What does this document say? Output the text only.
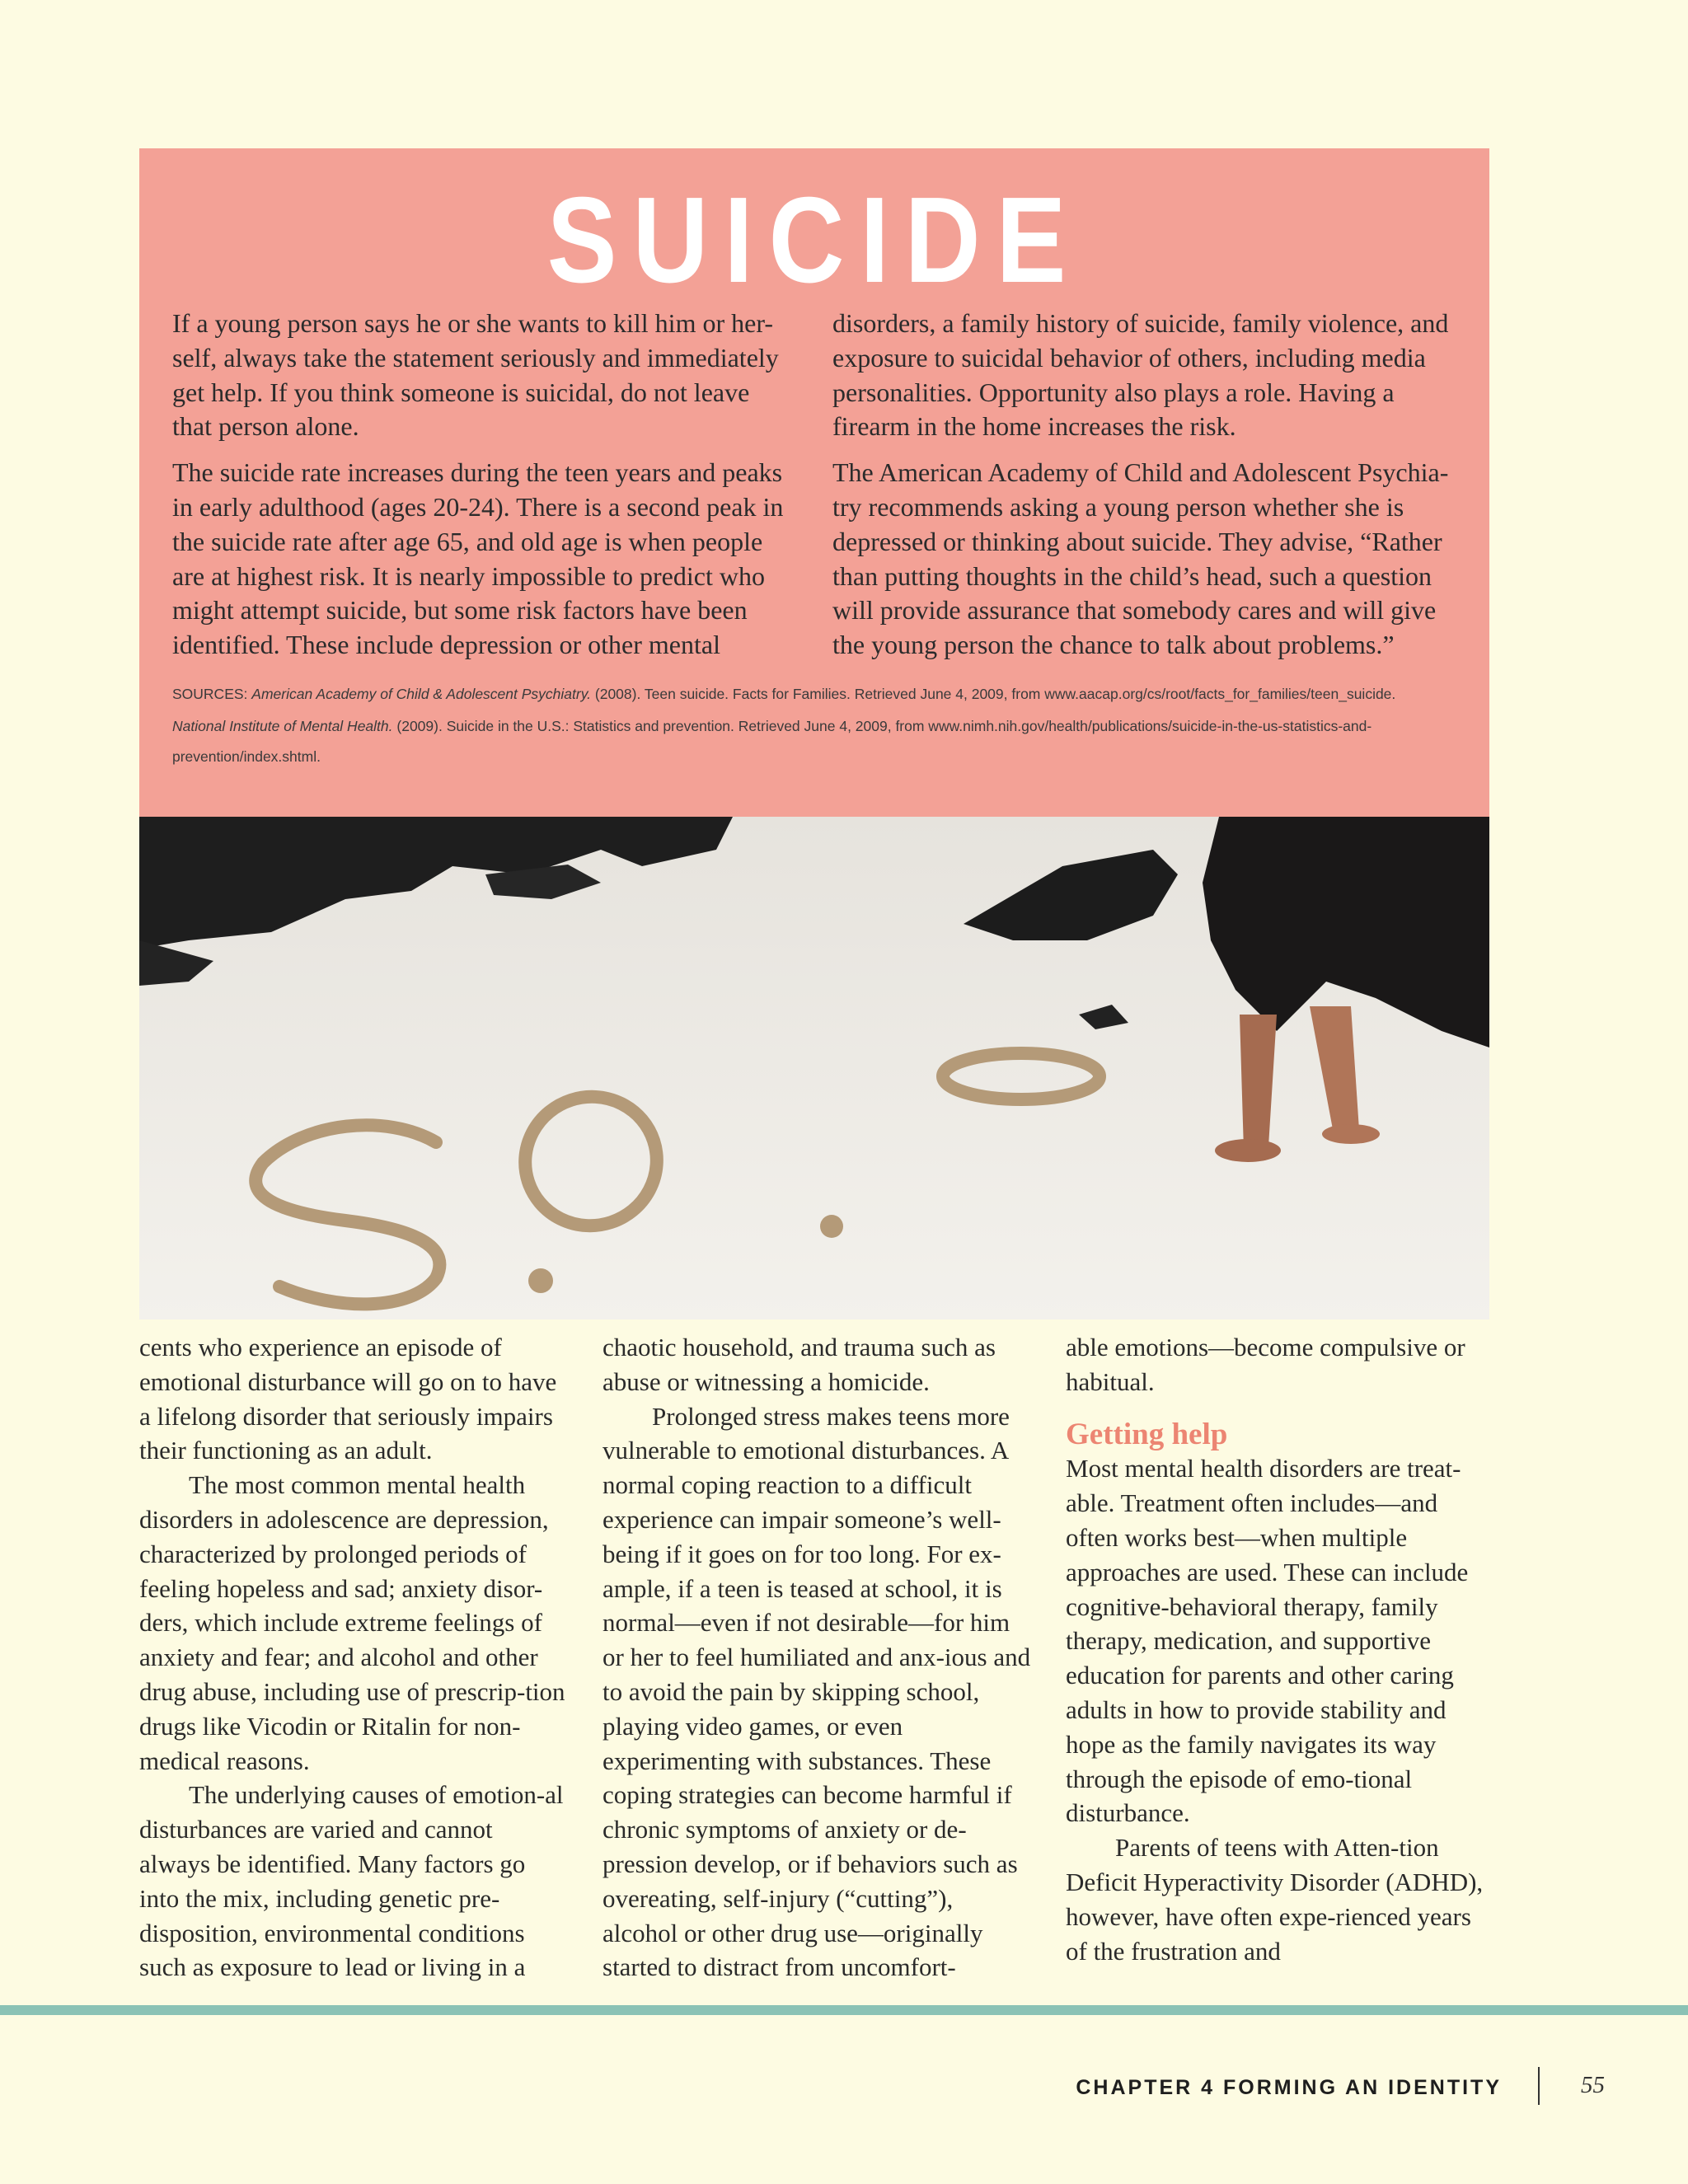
SUICIDE

If a young person says he or she wants to kill him or her-self, always take the statement seriously and immediately get help. If you think someone is suicidal, do not leave that person alone.

The suicide rate increases during the teen years and peaks in early adulthood (ages 20-24). There is a second peak in the suicide rate after age 65, and old age is when people are at highest risk. It is nearly impossible to predict who might attempt suicide, but some risk factors have been identified. These include depression or other mental

disorders, a family history of suicide, family violence, and exposure to suicidal behavior of others, including media personalities. Opportunity also plays a role. Having a firearm in the home increases the risk.

The American Academy of Child and Adolescent Psychia-try recommends asking a young person whether she is depressed or thinking about suicide. They advise, “Rather than putting thoughts in the child’s head, such a question will provide assurance that somebody cares and will give the young person the chance to talk about problems.”

SOURCES: American Academy of Child & Adolescent Psychiatry. (2008). Teen suicide. Facts for Families. Retrieved June 4, 2009, from www.aacap.org/cs/root/facts_for_families/teen_suicide.

National Institute of Mental Health. (2009). Suicide in the U.S.: Statistics and prevention. Retrieved June 4, 2009, from www.nimh.nih.gov/health/publications/suicide-in-the-us-statistics-and-prevention/index.shtml.

cents who experience an episode of emotional disturbance will go on to have a lifelong disorder that seriously impairs their functioning as an adult.

The most common mental health disorders in adolescence are depression, characterized by prolonged periods of feeling hopeless and sad; anxiety disor-ders, which include extreme feelings of anxiety and fear; and alcohol and other drug abuse, including use of prescrip-tion drugs like Vicodin or Ritalin for non-medical reasons.

The underlying causes of emotion-al disturbances are varied and cannot always be identified. Many factors go into the mix, including genetic pre-disposition, environmental conditions such as exposure to lead or living in a

chaotic household, and trauma such as abuse or witnessing a homicide.

Prolonged stress makes teens more vulnerable to emotional disturbances. A normal coping reaction to a difficult experience can impair someone’s well-being if it goes on for too long. For ex-ample, if a teen is teased at school, it is normal—even if not desirable—for him or her to feel humiliated and anx-ious and to avoid the pain by skipping school, playing video games, or even experimenting with substances. These coping strategies can become harmful if chronic symptoms of anxiety or de-pression develop, or if behaviors such as overeating, self-injury (“cutting”), alcohol or other drug use—originally started to distract from uncomfort-

able emotions—become compulsive or habitual.

Getting help

Most mental health disorders are treat-able. Treatment often includes—and often works best—when multiple approaches are used. These can include cognitive-behavioral therapy, family therapy, medication, and supportive education for parents and other caring adults in how to provide stability and hope as the family navigates its way through the episode of emo-tional disturbance.

Parents of teens with Atten-tion Deficit Hyperactivity Disorder (ADHD), however, have often expe-rienced years of the frustration and

CHAPTER 4 FORMING AN IDENTITY	55
